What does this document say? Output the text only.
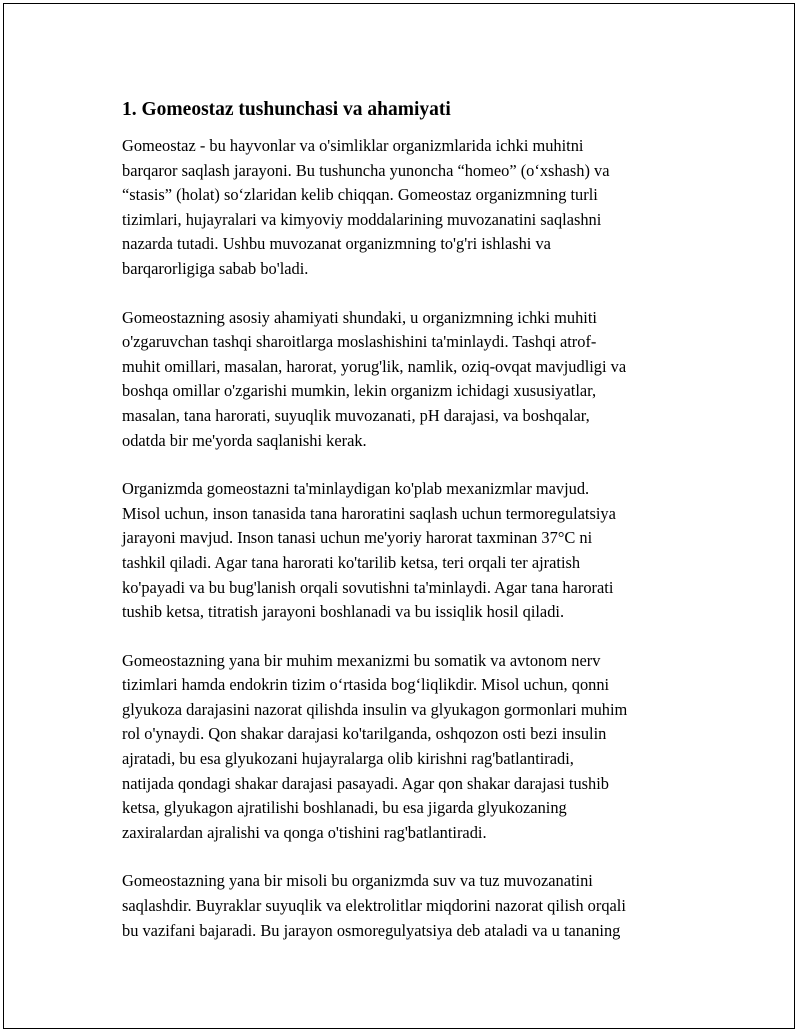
1. Gomeostaz tushunchasi va ahamiyati
Gomeostaz - bu hayvonlar va o'simliklar organizmlarida ichki muhitni
barqaror saqlash jarayoni. Bu tushuncha yunoncha “homeo” (o‘xshash) va
“stasis” (holat) so‘zlaridan kelib chiqqan. Gomeostaz organizmning turli
tizimlari, hujayralari va kimyoviy moddalarining muvozanatini saqlashni
nazarda tutadi. Ushbu muvozanat organizmning to'g'ri ishlashi va
barqarorligiga sabab bo'ladi.
Gomeostazning asosiy ahamiyati shundaki, u organizmning ichki muhiti
o'zgaruvchan tashqi sharoitlarga moslashishini ta'minlaydi. Tashqi atrof-
muhit omillari, masalan, harorat, yorug'lik, namlik, oziq-ovqat mavjudligi va
boshqa omillar o'zgarishi mumkin, lekin organizm ichidagi xususiyatlar,
masalan, tana harorati, suyuqlik muvozanati, pH darajasi, va boshqalar,
odatda bir me'yorda saqlanishi kerak.
Organizmda gomeostazni ta'minlaydigan ko'plab mexanizmlar mavjud.
Misol uchun, inson tanasida tana haroratini saqlash uchun termoregulatsiya
jarayoni mavjud. Inson tanasi uchun me'yoriy harorat taxminan 37°C ni
tashkil qiladi. Agar tana harorati ko'tarilib ketsa, teri orqali ter ajratish
ko'payadi va bu bug'lanish orqali sovutishni ta'minlaydi. Agar tana harorati
tushib ketsa, titratish jarayoni boshlanadi va bu issiqlik hosil qiladi.
Gomeostazning yana bir muhim mexanizmi bu somatik va avtonom nerv
tizimlari hamda endokrin tizim o‘rtasida bog‘liqlikdir. Misol uchun, qonni
glyukoza darajasini nazorat qilishda insulin va glyukagon gormonlari muhim
rol o'ynaydi. Qon shakar darajasi ko'tarilganda, oshqozon osti bezi insulin
ajratadi, bu esa glyukozani hujayralarga olib kirishni rag'batlantiradi,
natijada qondagi shakar darajasi pasayadi. Agar qon shakar darajasi tushib
ketsa, glyukagon ajratilishi boshlanadi, bu esa jigarda glyukozaning
zaxiralardan ajralishi va qonga o'tishini rag'batlantiradi.
Gomeostazning yana bir misoli bu organizmda suv va tuz muvozanatini
saqlashdir. Buyraklar suyuqlik va elektrolitlar miqdorini nazorat qilish orqali
bu vazifani bajaradi. Bu jarayon osmoregulyatsiya deb ataladi va u tananing
